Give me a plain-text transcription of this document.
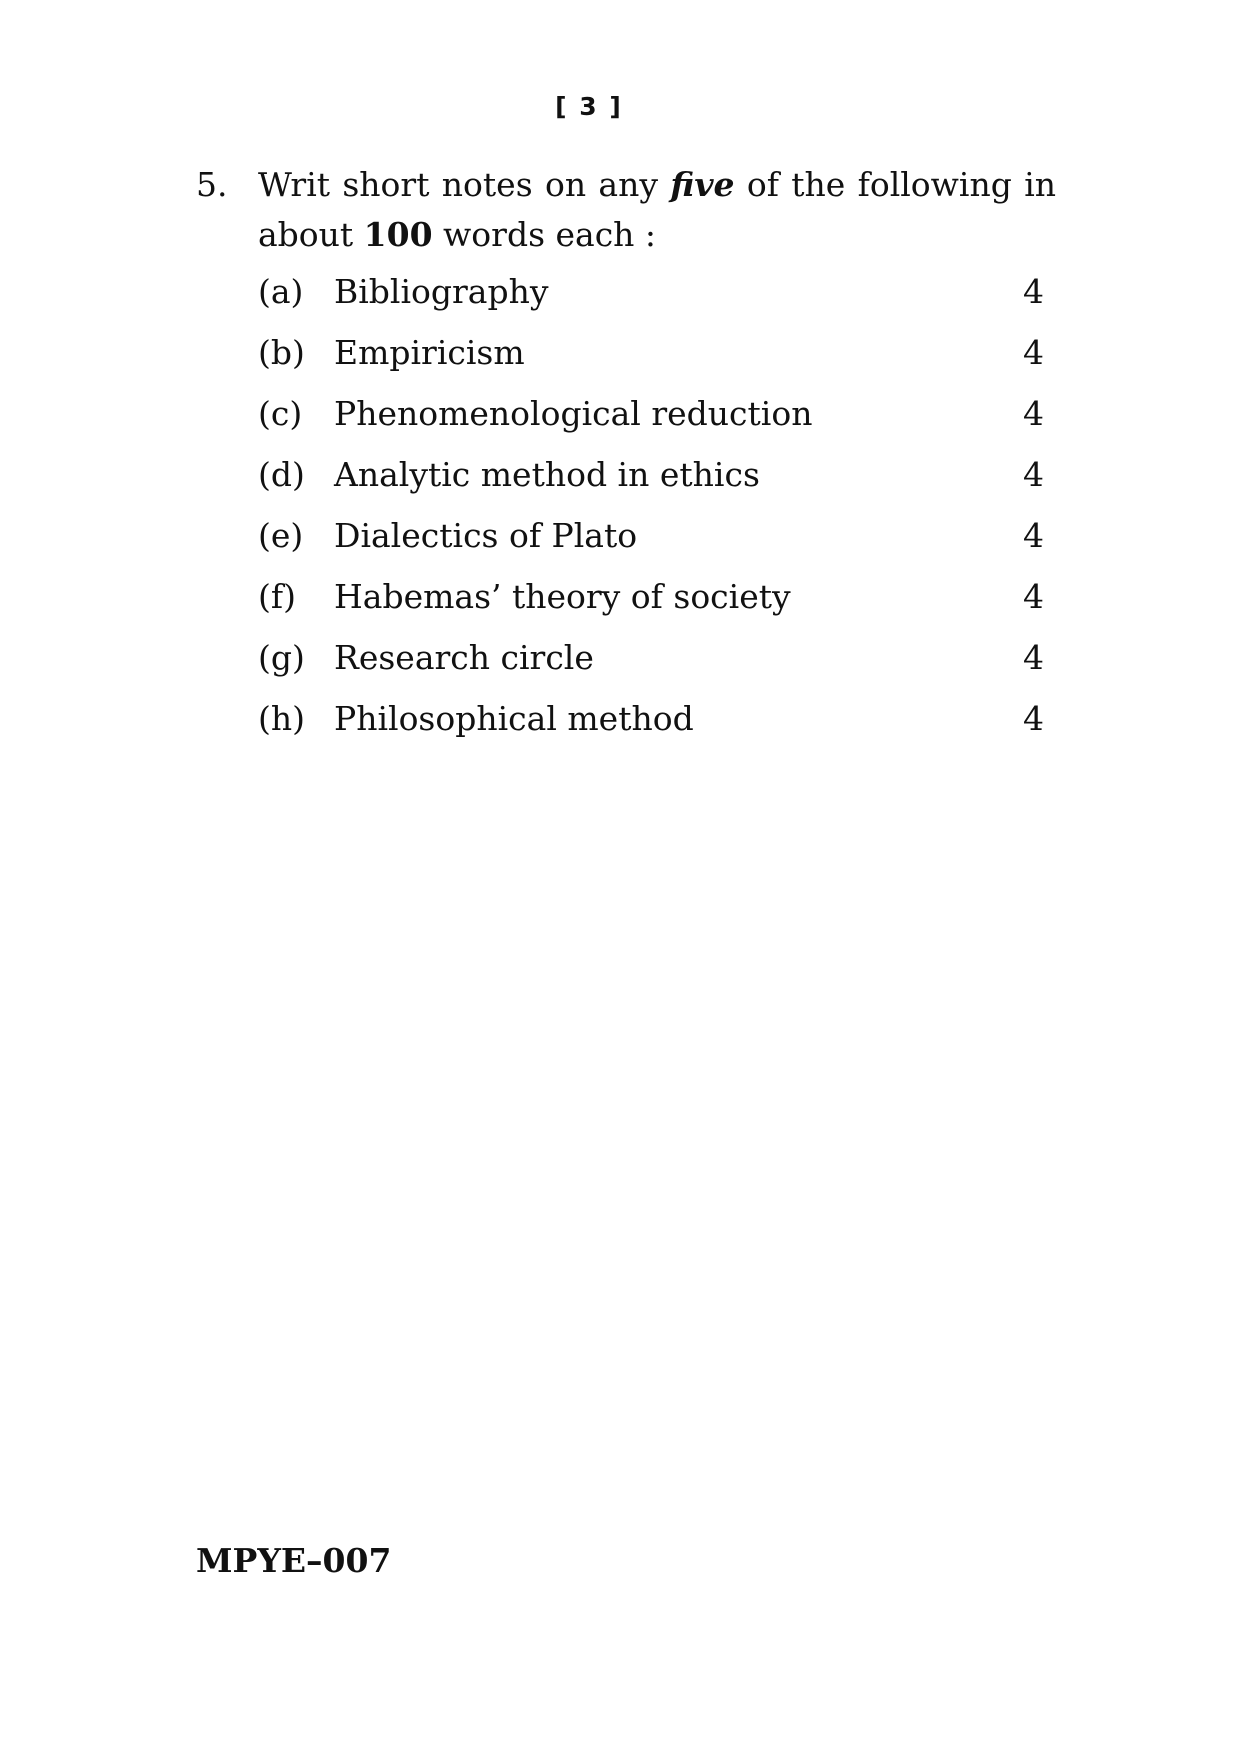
[ 3 ]
5. Writ short notes on any five of the following in about 100 words each :
(a) Bibliography	4
(b) Empiricism	4
(c) Phenomenological reduction	4
(d) Analytic method in ethics	4
(e) Dialectics of Plato	4
(f) Habemas’ theory of society	4
(g) Research circle	4
(h) Philosophical method	4
MPYE–007
